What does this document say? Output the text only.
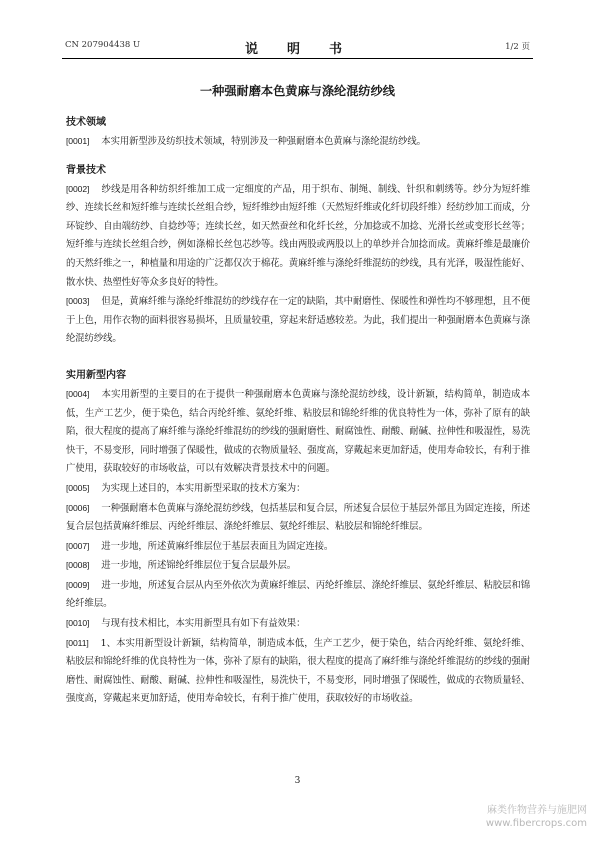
CN 207904438 U	说　明　书	1/2 页
一种强耐磨本色黄麻与涤纶混纺纱线
技术领域

[0001] 本实用新型涉及纺织技术领域，特别涉及一种强耐磨本色黄麻与涤纶混纺纱线。

背景技术

[0002] 纱线是用各种纺织纤维加工成一定细度的产品，用于织布、制绳、制线、针织和刺绣等。纱分为短纤维纱、连续长丝和短纤维与连续长丝组合纱，短纤维纱由短纤维（天然短纤维或化纤切段纤维）经纺纱加工而成，分环锭纱、自由端纺纱、自捻纱等；连续长丝，如天然蚕丝和化纤长丝，分加捻或不加捻、光滑长丝或变形长丝等；短纤维与连续长丝组合纱，例如涤棉长丝包芯纱等。线由两股或两股以上的单纱并合加捻而成。黄麻纤维是最廉价的天然纤维之一，种植量和用途的广泛都仅次于棉花。黄麻纤维与涤纶纤维混纺的纱线，具有光泽，吸湿性能好、散水快、热塑性好等众多良好的特性。

[0003] 但是，黄麻纤维与涤纶纤维混纺的纱线存在一定的缺陷，其中耐磨性、保暖性和弹性均不够理想，且不便于上色，用作衣物的面料很容易损坏，且质量较重，穿起来舒适感较差。为此，我们提出一种强耐磨本色黄麻与涤纶混纺纱线。

实用新型内容

[0004] 本实用新型的主要目的在于提供一种强耐磨本色黄麻与涤纶混纺纱线，设计新颖，结构简单，制造成本低，生产工艺少，便于染色，结合丙纶纤维、氨纶纤维、粘胶层和锦纶纤维的优良特性为一体，弥补了原有的缺陷，很大程度的提高了麻纤维与涤纶纤维混纺的纱线的强耐磨性、耐腐蚀性、耐酸、耐碱、拉伸性和吸湿性，易洗快干，不易变形，同时增强了保暖性，做成的衣物质量轻、强度高，穿戴起来更加舒适，使用寿命较长，有利于推广使用，获取较好的市场收益，可以有效解决背景技术中的问题。

[0005] 为实现上述目的，本实用新型采取的技术方案为：

[0006] 一种强耐磨本色黄麻与涤纶混纺纱线，包括基层和复合层，所述复合层位于基层外部且为固定连接，所述复合层包括黄麻纤维层、丙纶纤维层、涤纶纤维层、氨纶纤维层、粘胶层和锦纶纤维层。

[0007] 进一步地，所述黄麻纤维层位于基层表面且为固定连接。

[0008] 进一步地，所述锦纶纤维层位于复合层最外层。

[0009] 进一步地，所述复合层从内至外依次为黄麻纤维层、丙纶纤维层、涤纶纤维层、氨纶纤维层、粘胶层和锦纶纤维层。

[0010] 与现有技术相比，本实用新型具有如下有益效果：

[0011] 1、本实用新型设计新颖，结构简单，制造成本低，生产工艺少，便于染色，结合丙纶纤维、氨纶纤维、粘胶层和锦纶纤维的优良特性为一体，弥补了原有的缺陷，很大程度的提高了麻纤维与涤纶纤维混纺的纱线的强耐磨性、耐腐蚀性、耐酸、耐碱、拉伸性和吸湿性，易洗快干，不易变形，同时增强了保暖性，做成的衣物质量轻、强度高，穿戴起来更加舒适，使用寿命较长，有利于推广使用，获取较好的市场收益。

3
麻类作物营养与施肥网
www.fibercrops.com
